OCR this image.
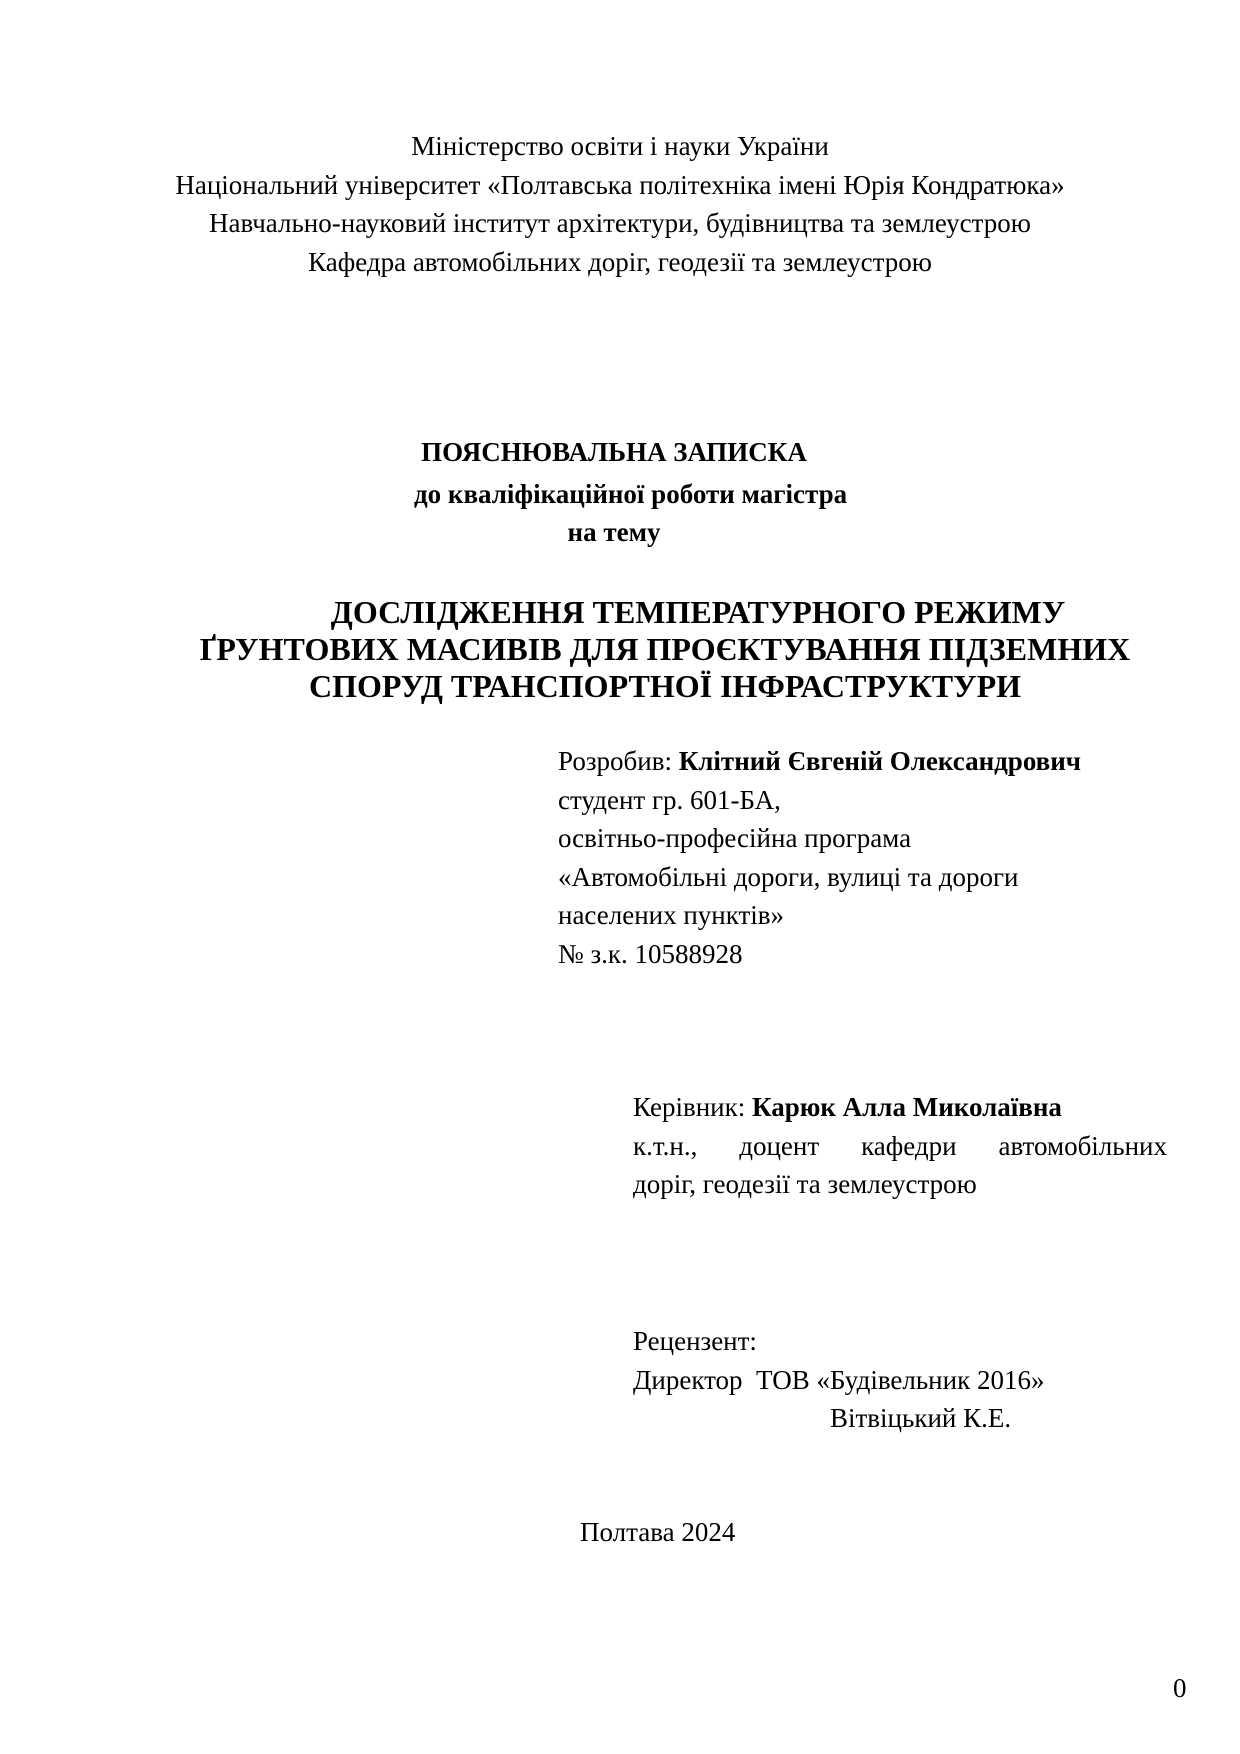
Міністерство освіти і науки України
Національний університет «Полтавська політехніка імені Юрія Кондратюка»
Навчально-науковий інститут архітектури, будівництва та землеустрою
Кафедра автомобільних доріг, геодезії та землеустрою
ПОЯСНЮВАЛЬНА ЗАПИСКА
до кваліфікаційної роботи магістра
на тему
ДОСЛІДЖЕННЯ ТЕМПЕРАТУРНОГО РЕЖИМУ
ҐРУНТОВИХ МАСИВІВ ДЛЯ ПРОЄКТУВАННЯ ПІДЗЕМНИХ
СПОРУД ТРАНСПОРТНОЇ ІНФРАСТРУКТУРИ
Розробив: Клітний Євгеній Олександрович
студент гр. 601-БА,
освітньо-професійна програма
«Автомобільні дороги, вулиці та дороги
населених пунктів»
№ з.к. 10588928
Керівник: Карюк Алла Миколаївна
к.т.н., доцент кафедри автомобільних
доріг, геодезії та землеустрою
Рецензент:
Директор  ТОВ «Будівельник 2016»
Вітвіцький К.Е.
Полтава 2024
0
